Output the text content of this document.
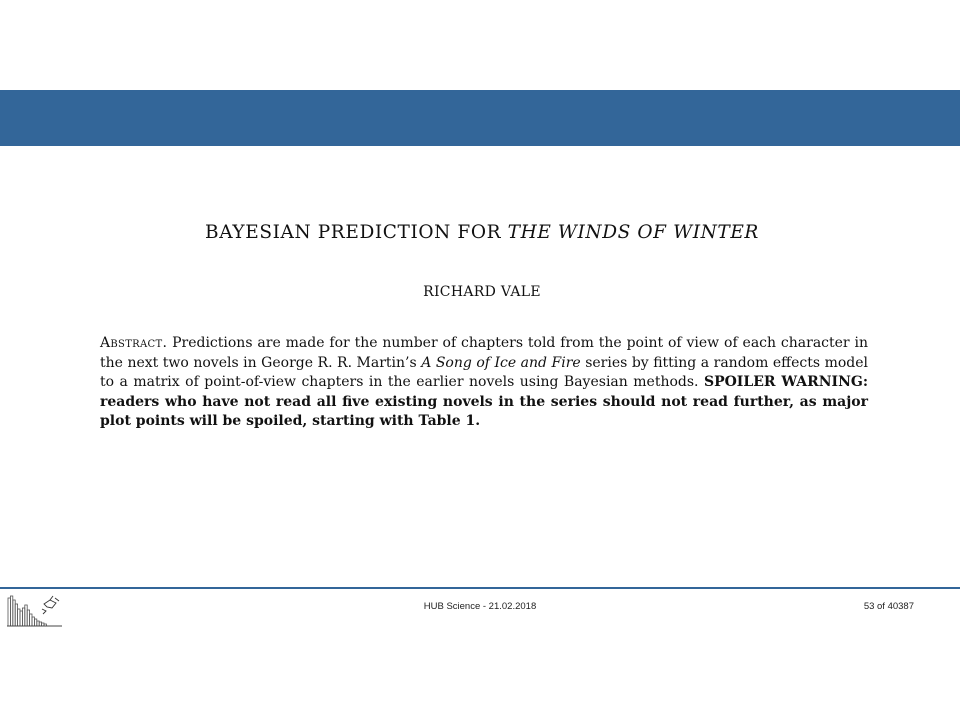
BAYESIAN PREDICTION FOR THE WINDS OF WINTER
RICHARD VALE

Abstract. Predictions are made for the number of chapters told from the point of view of each character in the next two novels in George R. R. Martin’s A Song of Ice and Fire series by fitting a random effects model to a matrix of point-of-view chapters in the earlier novels using Bayesian methods. SPOILER WARNING: readers who have not read all five existing novels in the series should not read further, as major plot points will be spoiled, starting with Table 1.

HUB Science - 21.02.2018	53 of 40387
